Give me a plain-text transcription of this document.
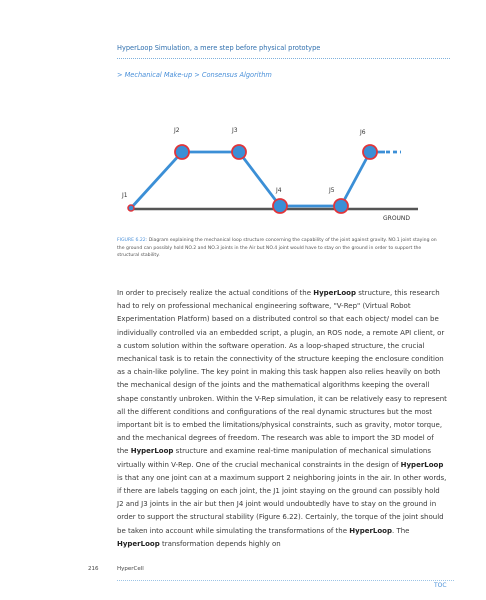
HyperLoop Simulation, a mere step before physical prototype
> Mechanical Make-up > Consensus Algorithm
J1
J2	J3
J4	J5
J6
GROUND
FIGURE 6.22: Diagram explaining the mechanical loop structure concerning the capability of the joint against gravity. NO.1 joint staying on the ground can possibly hold NO.2 and NO.3 joints in the Air but NO.4 joint would have to stay on the ground in order to support the structural stability.
In order to precisely realize the actual conditions of the HyperLoop structure, this research had to rely on professional mechanical engineering software, "V-Rep" (Virtual Robot Experimentation Platform) based on a distributed control so that each object/ model can be individually controlled via an embedded script, a plugin, an ROS node, a remote API client, or a custom solution within the software operation. As a loop-shaped structure, the crucial mechanical task is to retain the connectivity of the structure keeping the enclosure condition as a chain-like polyline. The key point in making this task happen also relies heavily on both the mechanical design of the joints and the mathematical algorithms keeping the overall shape constantly unbroken. Within the V-Rep simulation, it can be relatively easy to represent all the different conditions and configurations of the real dynamic structures but the most important bit is to embed the limitations/physical constraints, such as gravity, motor torque, and the mechanical degrees of freedom. The research was able to import the 3D model of the HyperLoop structure and examine real-time manipulation of mechanical simulations virtually within V-Rep. One of the crucial mechanical constraints in the design of HyperLoop is that any one joint can at a maximum support 2 neighboring joints in the air. In other words, if there are labels tagging on each joint, the J1 joint staying on the ground can possibly hold J2 and J3 joints in the air but then J4 joint would undoubtedly have to stay on the ground in order to support the structural stability (Figure 6.22). Certainly, the torque of the joint should be taken into account while simulating the transformations of the HyperLoop. The HyperLoop transformation depends highly on
216	HyperCell
TOC
